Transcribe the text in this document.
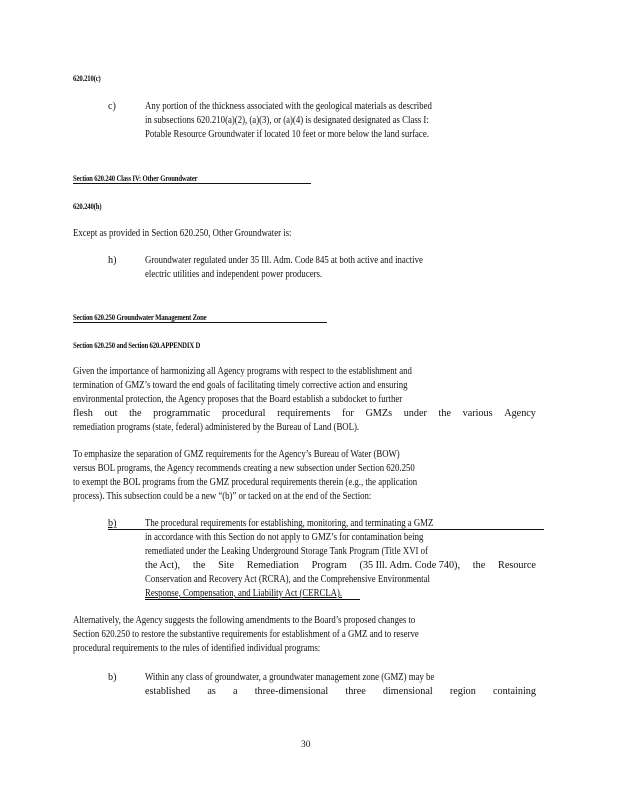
620.210(c)
c)	Any portion of the thickness associated with the geological materials as described
in subsections 620.210(a)(2), (a)(3), or (a)(4) is designated designated as Class I:
Potable Resource Groundwater if located 10 feet or more below the land surface.
Section 620.240 Class IV: Other Groundwater
620.240(h)
Except as provided in Section 620.250, Other Groundwater is:
h)	Groundwater regulated under 35 Ill. Adm. Code 845 at both active and inactive
electric utilities and independent power producers.
Section 620.250 Groundwater Management Zone
Section 620.250 and Section 620.APPENDIX D
Given the importance of harmonizing all Agency programs with respect to the establishment and
termination of GMZ’s toward the end goals of facilitating timely corrective action and ensuring
environmental protection, the Agency proposes that the Board establish a subdocket to further
flesh out the programmatic procedural requirements for GMZs under the various Agency
remediation programs (state, federal) administered by the Bureau of Land (BOL).
To emphasize the separation of GMZ requirements for the Agency’s Bureau of Water (BOW)
versus BOL programs, the Agency recommends creating a new subsection under Section 620.250
to exempt the BOL programs from the GMZ procedural requirements therein (e.g., the application
process). This subsection could be a new “(b)” or tacked on at the end of the Section:
b)	The procedural requirements for establishing, monitoring, and terminating a GMZ
in accordance with this Section do not apply to GMZ’s for contamination being
remediated under the Leaking Underground Storage Tank Program (Title XVI of
the Act), the Site Remediation Program (35 Ill. Adm. Code 740), the Resource
Conservation and Recovery Act (RCRA), and the Comprehensive Environmental
Response, Compensation, and Liability Act (CERCLA).
Alternatively, the Agency suggests the following amendments to the Board’s proposed changes to
Section 620.250 to restore the substantive requirements for establishment of a GMZ and to reserve
procedural requirements to the rules of identified individual programs:
b)	Within any class of groundwater, a groundwater management zone (GMZ) may be
established as a three-dimensional three dimensional region containing
30
